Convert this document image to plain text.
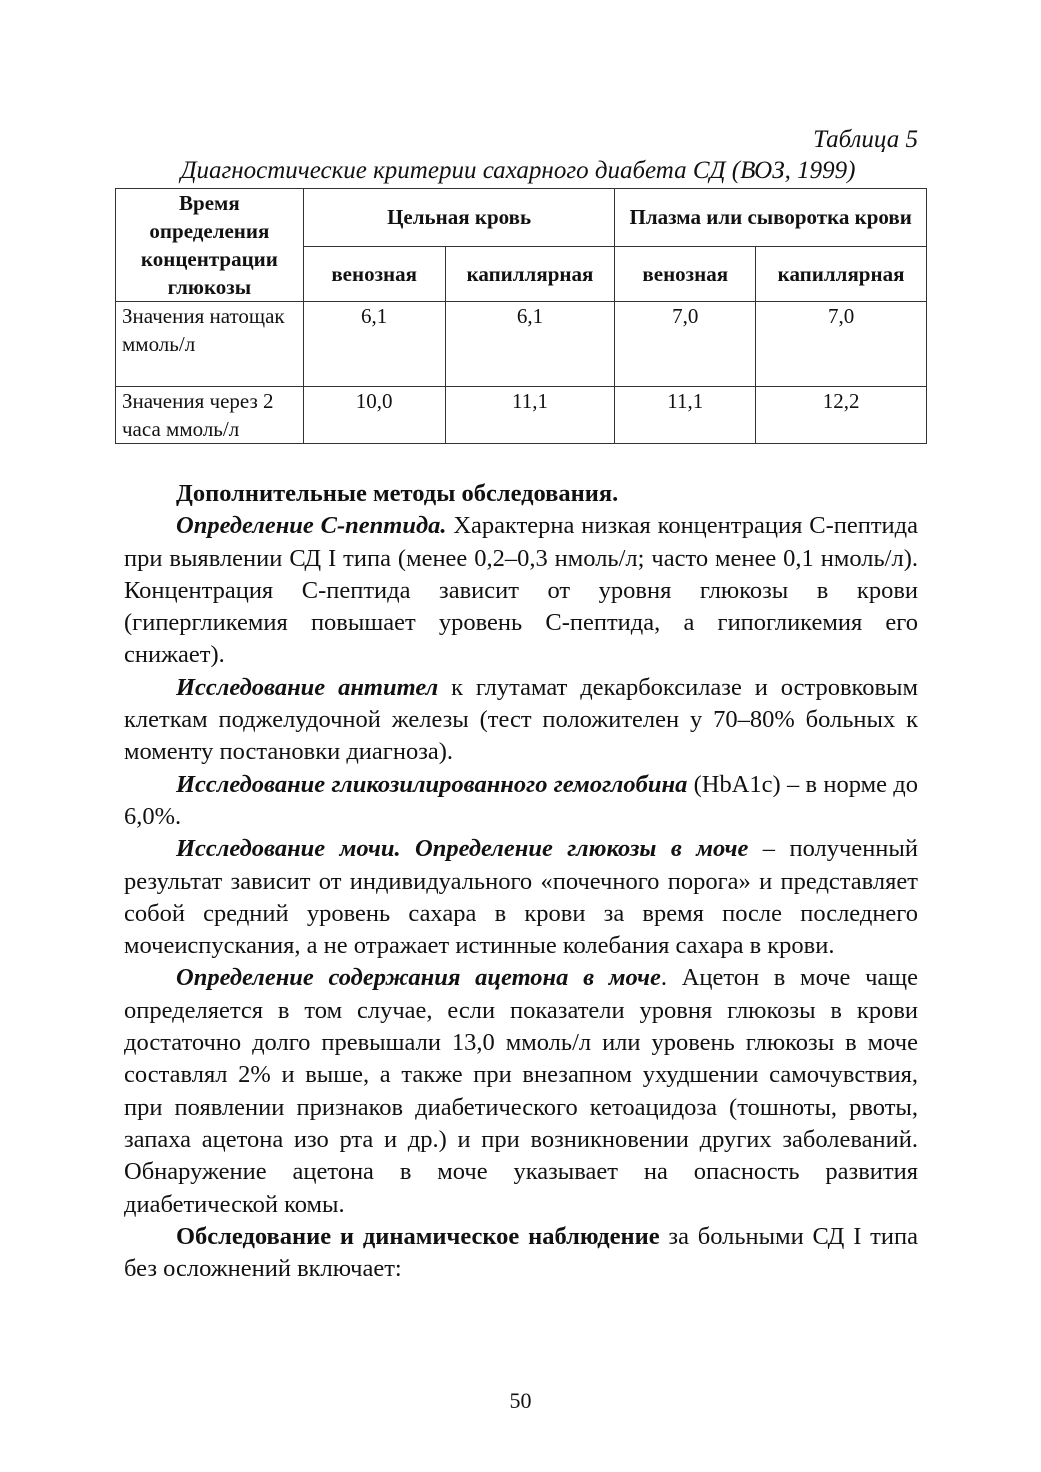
Таблица 5
Диагностические критерии сахарного диабета СД (ВОЗ, 1999)
Время определения концентрации глюкозы	Цельная кровь		Плазма или сыворотка крови	
	венозная	капиллярная	венозная	капиллярная
Значения натощак ммоль/л	6,1	6,1	7,0	7,0
Значения через 2 часа ммоль/л	10,0	11,1	11,1	12,2

Дополнительные методы обследования.

Определение С-пептида. Характерна низкая концентрация С-пептида при выявлении СД I типа (менее 0,2–0,3 нмоль/л; часто менее 0,1 нмоль/л). Концентрация С-пептида зависит от уровня глюкозы в крови (гипергликемия повышает уровень С-пептида, а гипогликемия его снижает).

Исследование антител к глутамат декарбоксилазе и островковым клеткам поджелудочной железы (тест положителен у 70–80% больных к моменту постановки диагноза).

Исследование гликозилированного гемоглобина (HbA1c) – в норме до 6,0%.

Исследование мочи. Определение глюкозы в моче – полученный результат зависит от индивидуального «почечного порога» и представляет собой средний уровень сахара в крови за время после последнего мочеиспускания, а не отражает истинные колебания сахара в крови.

Определение содержания ацетона в моче. Ацетон в моче чаще определяется в том случае, если показатели уровня глюкозы в крови достаточно долго превышали 13,0 ммоль/л или уровень глюкозы в моче составлял 2% и выше, а также при внезапном ухудшении самочувствия, при появлении признаков диабетического кетоацидоза (тошноты, рвоты, запаха ацетона изо рта и др.) и при возникновении других заболеваний. Обнаружение ацетона в моче указывает на опасность развития диабетической комы.

Обследование и динамическое наблюдение за больными СД I типа без осложнений включает:

50
